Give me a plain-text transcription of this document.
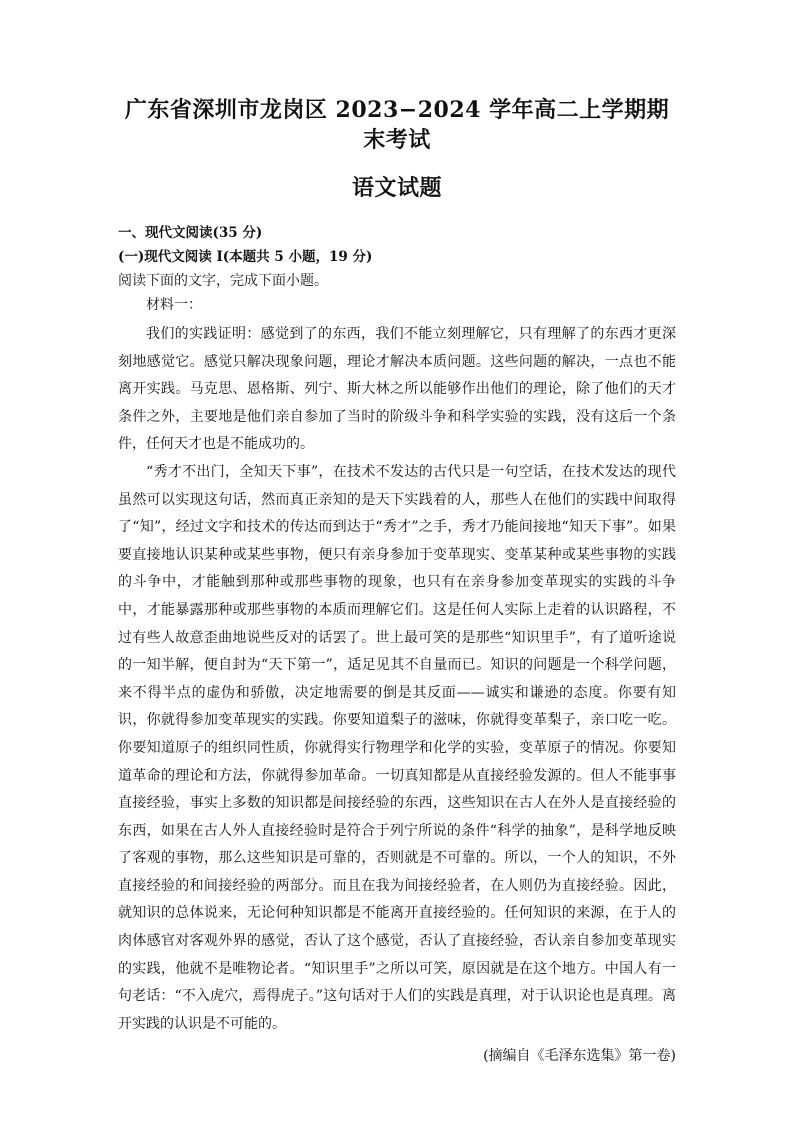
广东省深圳市龙岗区 2023−2024 学年高二上学期期末考试
语文试题
一、现代文阅读(35 分)
(一)现代文阅读 I(本题共 5 小题，19 分)
阅读下面的文字，完成下面小题。
材料一：

我们的实践证明：感觉到了的东西，我们不能立刻理解它，只有理解了的东西才更深刻地感觉它。感觉只解决现象问题，理论才解决本质问题。这些问题的解决，一点也不能离开实践。马克思、恩格斯、列宁、斯大林之所以能够作出他们的理论，除了他们的天才条件之外，主要地是他们亲自参加了当时的阶级斗争和科学实验的实践，没有这后一个条件，任何天才也是不能成功的。

“秀才不出门，全知天下事”，在技术不发达的古代只是一句空话，在技术发达的现代虽然可以实现这句话，然而真正亲知的是天下实践着的人，那些人在他们的实践中间取得了“知”，经过文字和技术的传达而到达于“秀才”之手，秀才乃能间接地“知天下事”。如果要直接地认识某种或某些事物，便只有亲身参加于变革现实、变革某种或某些事物的实践的斗争中，才能触到那种或那些事物的现象，也只有在亲身参加变革现实的实践的斗争中，才能暴露那种或那些事物的本质而理解它们。这是任何人实际上走着的认识路程，不过有些人故意歪曲地说些反对的话罢了。世上最可笑的是那些“知识里手”，有了道听途说的一知半解，便自封为“天下第一”，适足见其不自量而已。知识的问题是一个科学问题，来不得半点的虚伪和骄傲，决定地需要的倒是其反面——诚实和谦逊的态度。你要有知识，你就得参加变革现实的实践。你要知道梨子的滋味，你就得变革梨子，亲口吃一吃。你要知道原子的组织同性质，你就得实行物理学和化学的实验，变革原子的情况。你要知道革命的理论和方法，你就得参加革命。一切真知都是从直接经验发源的。但人不能事事直接经验，事实上多数的知识都是间接经验的东西，这些知识在古人在外人是直接经验的东西，如果在古人外人直接经验时是符合于列宁所说的条件“科学的抽象”，是科学地反映了客观的事物，那么这些知识是可靠的，否则就是不可靠的。所以，一个人的知识，不外直接经验的和间接经验的两部分。而且在我为间接经验者，在人则仍为直接经验。因此，就知识的总体说来，无论何种知识都是不能离开直接经验的。任何知识的来源，在于人的肉体感官对客观外界的感觉，否认了这个感觉，否认了直接经验，否认亲自参加变革现实的实践，他就不是唯物论者。“知识里手”之所以可笑，原因就是在这个地方。中国人有一句老话：“不入虎穴，焉得虎子。”这句话对于人们的实践是真理，对于认识论也是真理。离开实践的认识是不可能的。

(摘编自《毛泽东选集》第一卷)
